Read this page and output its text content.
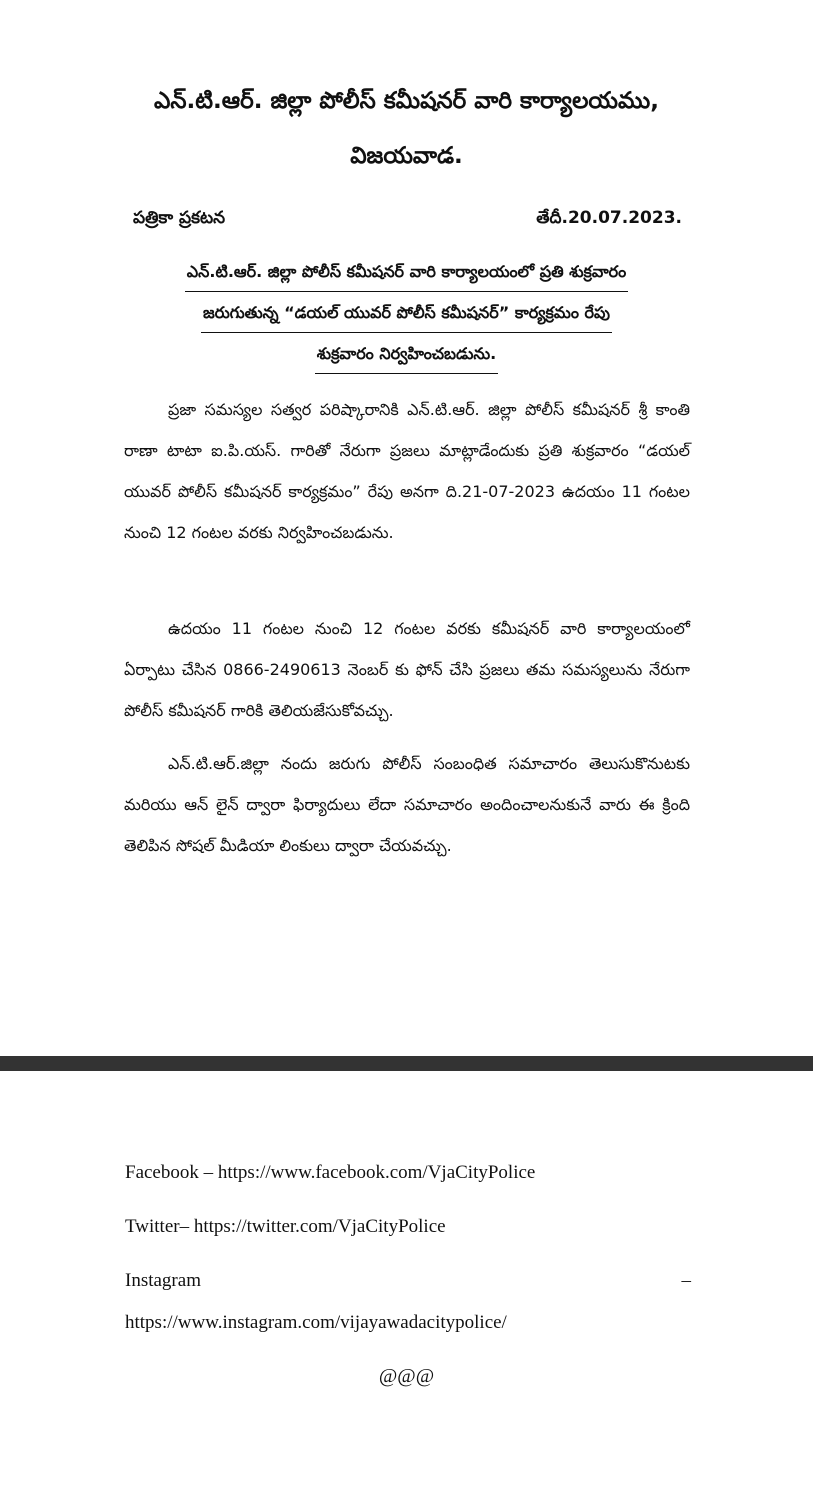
ఎన్.టి.ఆర్. జిల్లా పోలీస్ కమీషనర్ వారి కార్యాలయము,
విజయవాడ.
పత్రికా ప్రకటన	తేదీ.20.07.2023.
ఎన్.టి.ఆర్. జిల్లా పోలీస్ కమీషనర్ వారి కార్యాలయంలో ప్రతి శుక్రవారం
జరుగుతున్న “డయల్ యువర్ పోలీస్ కమీషనర్” కార్యక్రమం రేపు
శుక్రవారం నిర్వహించబడును.
ప్రజా సమస్యల సత్వర పరిష్కారానికి ఎన్.టి.ఆర్. జిల్లా పోలీస్ కమీషనర్ శ్రీ కాంతి రాణా టాటా ఐ.పి.యస్. గారితో నేరుగా ప్రజలు మాట్లాడేందుకు ప్రతి శుక్రవారం “డయల్ యువర్ పోలీస్ కమీషనర్ కార్యక్రమం” రేపు అనగా ది.21-07-2023 ఉదయం 11 గంటల నుంచి 12 గంటల వరకు నిర్వహించబడును.
ఉదయం 11 గంటల నుంచి 12 గంటల వరకు కమీషనర్ వారి కార్యాలయంలో ఏర్పాటు చేసిన 0866-2490613 నెంబర్ కు ఫోన్ చేసి ప్రజలు తమ సమస్యలును నేరుగా పోలీస్ కమీషనర్ గారికి తెలియజేసుకోవచ్చు.
ఎన్.టి.ఆర్.జిల్లా నందు జరుగు పోలీస్ సంబంధిత సమాచారం తెలుసుకొనుటకు మరియు ఆన్ లైన్ ద్వారా ఫిర్యాదులు లేదా సమాచారం అందించాలనుకునే వారు ఈ క్రింది తెలిపిన సోషల్ మీడియా లింకులు ద్వారా చేయవచ్చు.
Facebook – https://www.facebook.com/VjaCityPolice
Twitter– https://twitter.com/VjaCityPolice
Instagram	–
https://www.instagram.com/vijayawadacitypolice/
@@@
